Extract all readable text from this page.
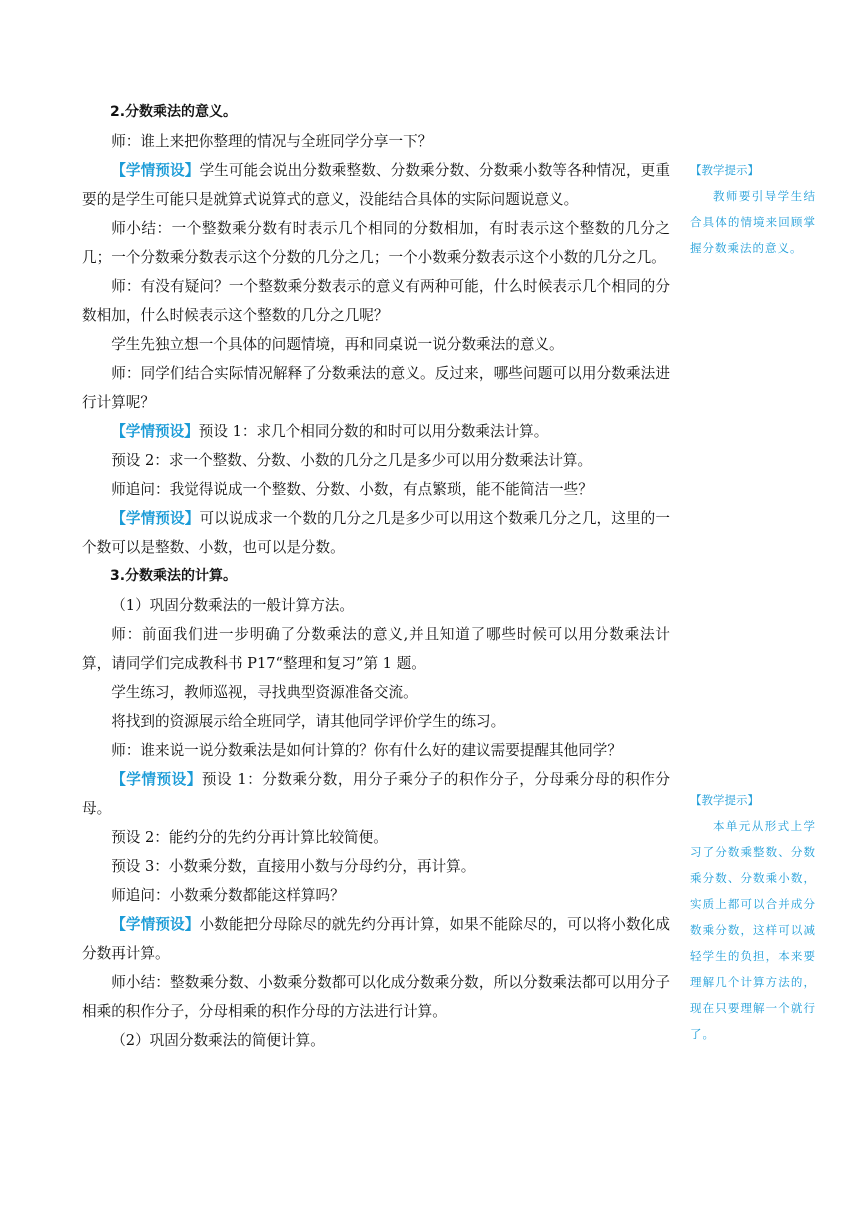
2.分数乘法的意义。

师：谁上来把你整理的情况与全班同学分享一下？

【学情预设】学生可能会说出分数乘整数、分数乘分数、分数乘小数等各种情况，更重要的是学生可能只是就算式说算式的意义，没能结合具体的实际问题说意义。

师小结：一个整数乘分数有时表示几个相同的分数相加，有时表示这个整数的几分之几；一个分数乘分数表示这个分数的几分之几；一个小数乘分数表示这个小数的几分之几。

师：有没有疑问？一个整数乘分数表示的意义有两种可能，什么时候表示几个相同的分数相加，什么时候表示这个整数的几分之几呢？

学生先独立想一个具体的问题情境，再和同桌说一说分数乘法的意义。

师：同学们结合实际情况解释了分数乘法的意义。反过来，哪些问题可以用分数乘法进行计算呢？

【学情预设】预设 1：求几个相同分数的和时可以用分数乘法计算。

预设 2：求一个整数、分数、小数的几分之几是多少可以用分数乘法计算。

师追问：我觉得说成一个整数、分数、小数，有点繁琐，能不能简洁一些？

【学情预设】可以说成求一个数的几分之几是多少可以用这个数乘几分之几，这里的一个数可以是整数、小数，也可以是分数。

3.分数乘法的计算。

（1）巩固分数乘法的一般计算方法。

师：前面我们进一步明确了分数乘法的意义,并且知道了哪些时候可以用分数乘法计算，请同学们完成教科书 P17“整理和复习”第 1 题。

学生练习，教师巡视，寻找典型资源准备交流。

将找到的资源展示给全班同学，请其他同学评价学生的练习。

师：谁来说一说分数乘法是如何计算的？你有什么好的建议需要提醒其他同学？

【学情预设】预设 1：分数乘分数，用分子乘分子的积作分子，分母乘分母的积作分母。

预设 2：能约分的先约分再计算比较简便。

预设 3：小数乘分数，直接用小数与分母约分，再计算。

师追问：小数乘分数都能这样算吗？

【学情预设】小数能把分母除尽的就先约分再计算，如果不能除尽的，可以将小数化成分数再计算。

师小结：整数乘分数、小数乘分数都可以化成分数乘分数，所以分数乘法都可以用分子相乘的积作分子，分母相乘的积作分母的方法进行计算。

（2）巩固分数乘法的简便计算。

【教学提示】

教师要引导学生结合具体的情境来回顾掌握分数乘法的意义。

【教学提示】

本单元从形式上学习了分数乘整数、分数乘分数、分数乘小数，实质上都可以合并成分数乘分数，这样可以减轻学生的负担，本来要理解几个计算方法的，现在只要理解一个就行了。
